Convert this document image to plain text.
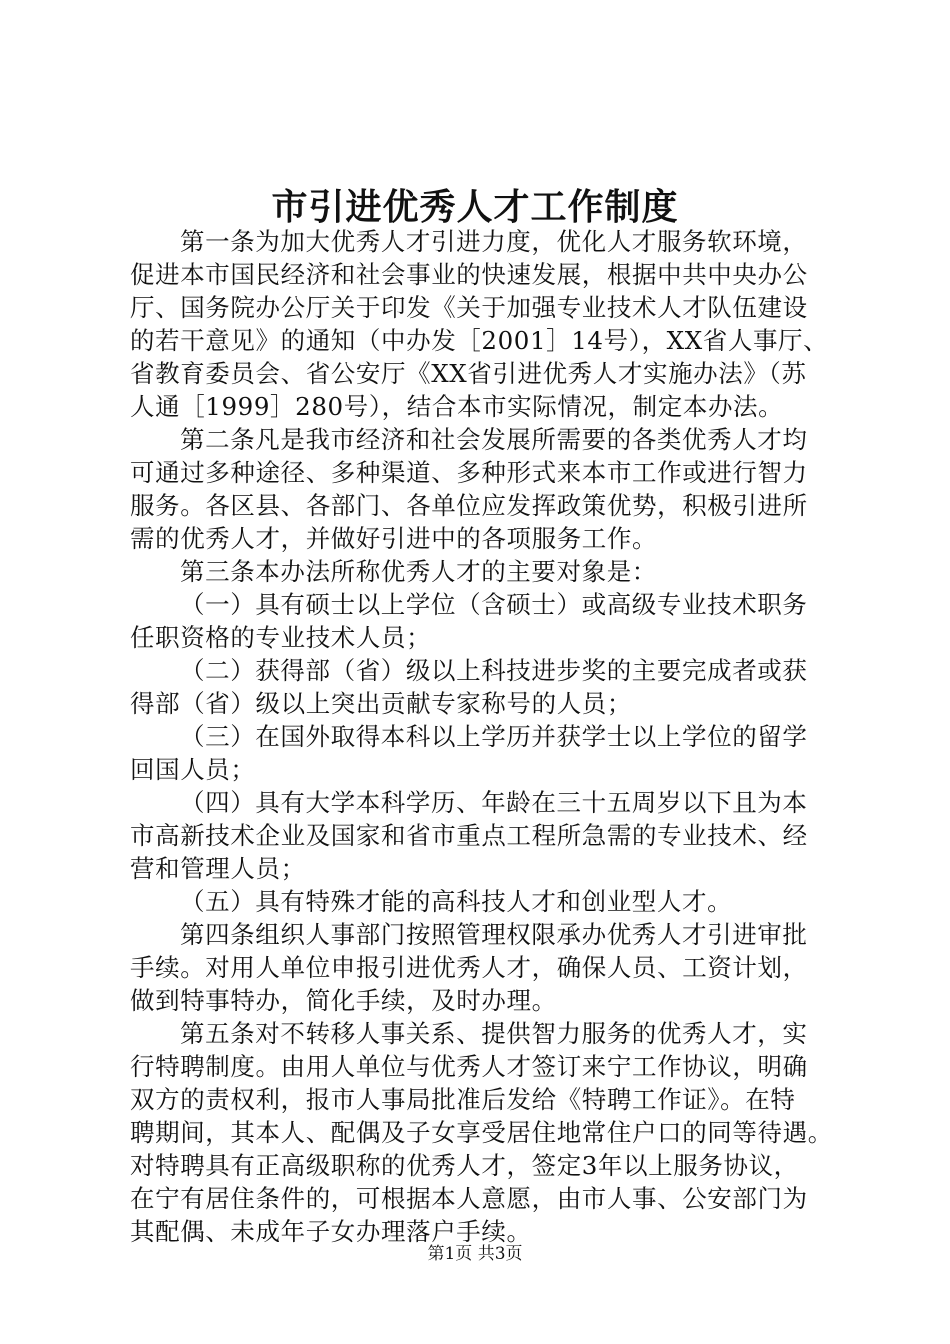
市引进优秀人才工作制度
第一条为加大优秀人才引进力度，优化人才服务软环境，
促进本市国民经济和社会事业的快速发展，根据中共中央办公
厅、国务院办公厅关于印发《关于加强专业技术人才队伍建设
的若干意见》的通知（中办发［2001］14号），XX省人事厅、
省教育委员会、省公安厅《XX省引进优秀人才实施办法》（苏
人通［1999］280号），结合本市实际情况，制定本办法。
第二条凡是我市经济和社会发展所需要的各类优秀人才均
可通过多种途径、多种渠道、多种形式来本市工作或进行智力
服务。各区县、各部门、各单位应发挥政策优势，积极引进所
需的优秀人才，并做好引进中的各项服务工作。
第三条本办法所称优秀人才的主要对象是：
（一）具有硕士以上学位（含硕士）或高级专业技术职务
任职资格的专业技术人员；
（二）获得部（省）级以上科技进步奖的主要完成者或获
得部（省）级以上突出贡献专家称号的人员；
（三）在国外取得本科以上学历并获学士以上学位的留学
回国人员；
（四）具有大学本科学历、年龄在三十五周岁以下且为本
市高新技术企业及国家和省市重点工程所急需的专业技术、经
营和管理人员；
（五）具有特殊才能的高科技人才和创业型人才。
第四条组织人事部门按照管理权限承办优秀人才引进审批
手续。对用人单位申报引进优秀人才，确保人员、工资计划，
做到特事特办，简化手续，及时办理。
第五条对不转移人事关系、提供智力服务的优秀人才，实
行特聘制度。由用人单位与优秀人才签订来宁工作协议，明确
双方的责权利，报市人事局批准后发给《特聘工作证》。在特
聘期间，其本人、配偶及子女享受居住地常住户口的同等待遇。
对特聘具有正高级职称的优秀人才，签定3年以上服务协议，
在宁有居住条件的，可根据本人意愿，由市人事、公安部门为
其配偶、未成年子女办理落户手续。
第1页 共3页
